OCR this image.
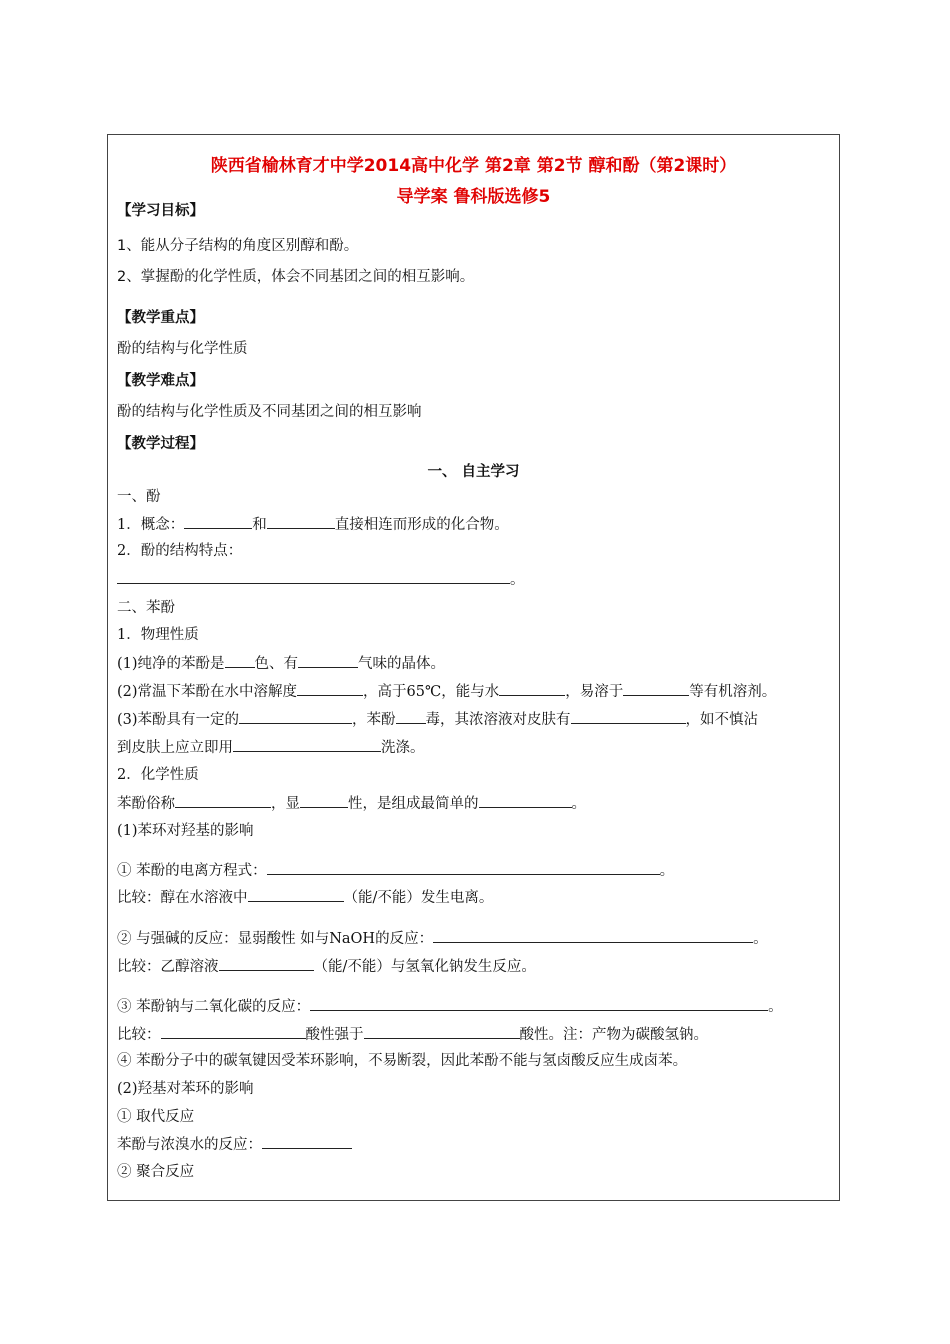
陕西省榆林育才中学2014高中化学 第2章 第2节 醇和酚（第2课时）
导学案 鲁科版选修5
【学习目标】
1、能从分子结构的角度区别醇和酚。
2、掌握酚的化学性质，体会不同基团之间的相互影响。
【教学重点】
酚的结构与化学性质
【教学难点】
酚的结构与化学性质及不同基团之间的相互影响
【教学过程】
一、 自主学习
一、酚
1．概念：	和	直接相连而形成的化合物。
2．酚的结构特点：
。
二、苯酚
1．物理性质
(1)纯净的苯酚是 色、有	气味的晶体。
(2)常温下苯酚在水中溶解度	，高于65℃，能与水	，易溶于	等有机溶剂。
(3)苯酚具有一定的	，苯酚 毒，其浓溶液对皮肤有	，如不慎沾
到皮肤上应立即用	洗涤。
2．化学性质
苯酚俗称	，显	性，是组成最简单的	。
(1)苯环对羟基的影响
① 苯酚的电离方程式：	。
比较：醇在水溶液中	（能/不能）发生电离。
② 与强碱的反应：显弱酸性 如与NaOH的反应：	。
比较：乙醇溶液	（能/不能）与氢氧化钠发生反应。
③ 苯酚钠与二氧化碳的反应：	。
比较：	酸性强于	酸性。注：产物为碳酸氢钠。
④ 苯酚分子中的碳氧键因受苯环影响，不易断裂，因此苯酚不能与氢卤酸反应生成卤苯。
(2)羟基对苯环的影响
① 取代反应
苯酚与浓溴水的反应：
② 聚合反应
